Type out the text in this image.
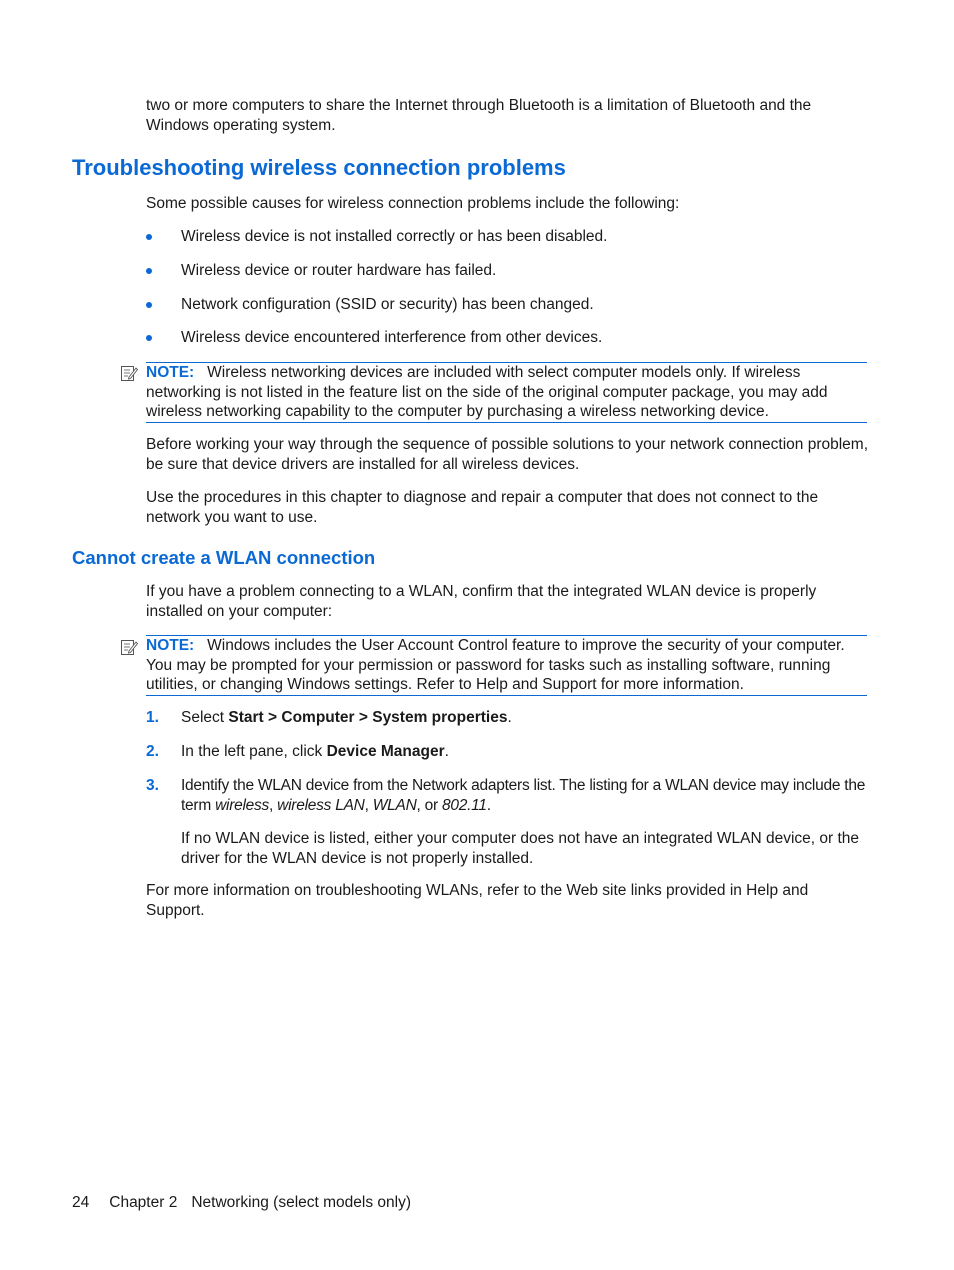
two or more computers to share the Internet through Bluetooth is a limitation of Bluetooth and the Windows operating system.

Troubleshooting wireless connection problems

Some possible causes for wireless connection problems include the following:

Wireless device is not installed correctly or has been disabled.
Wireless device or router hardware has failed.
Network configuration (SSID or security) has been changed.
Wireless device encountered interference from other devices.
NOTE: Wireless networking devices are included with select computer models only. If wireless networking is not listed in the feature list on the side of the original computer package, you may add wireless networking capability to the computer by purchasing a wireless networking device.

Before working your way through the sequence of possible solutions to your network connection problem, be sure that device drivers are installed for all wireless devices.

Use the procedures in this chapter to diagnose and repair a computer that does not connect to the network you want to use.

Cannot create a WLAN connection

If you have a problem connecting to a WLAN, confirm that the integrated WLAN device is properly installed on your computer:

NOTE: Windows includes the User Account Control feature to improve the security of your computer. You may be prompted for your permission or password for tasks such as installing software, running utilities, or changing Windows settings. Refer to Help and Support for more information.
1. Select Start > Computer > System properties.
2. In the left pane, click Device Manager.
3. Identify the WLAN device from the Network adapters list. The listing for a WLAN device may include the term wireless, wireless LAN, WLAN, or 802.11.

If no WLAN device is listed, either your computer does not have an integrated WLAN device, or the driver for the WLAN device is not properly installed.

For more information on troubleshooting WLANs, refer to the Web site links provided in Help and Support.

24 Chapter 2 Networking (select models only)
